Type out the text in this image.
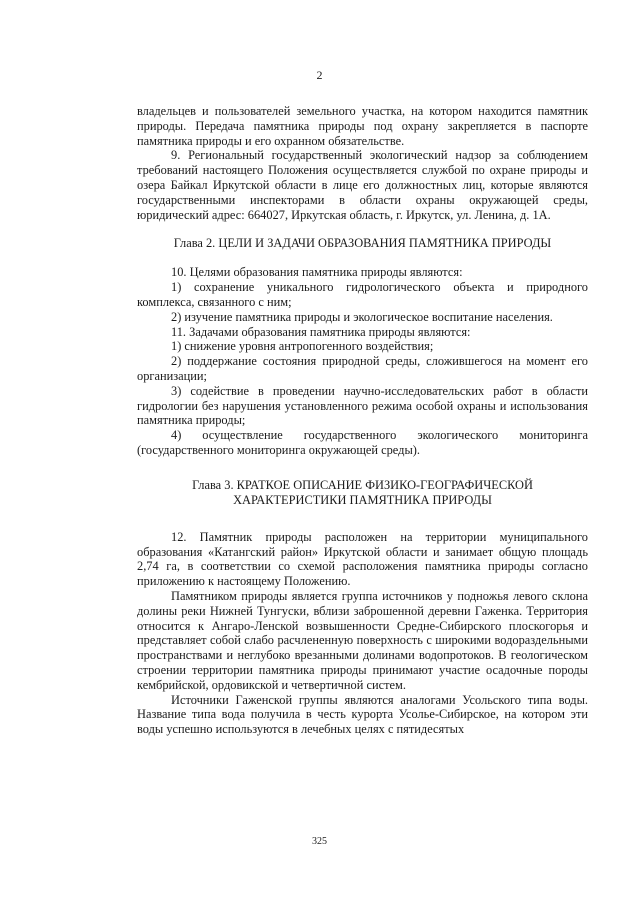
2

владельцев и пользователей земельного участка, на котором находится памятник природы. Передача памятника природы под охрану закрепляется в паспорте памятника природы и его охранном обязательстве.

9. Региональный государственный экологический надзор за соблюдением требований настоящего Положения осуществляется службой по охране природы и озера Байкал Иркутской области в лице его должностных лиц, которые являются государственными инспекторами в области охраны окружающей среды, юридический адрес: 664027, Иркутская область, г. Иркутск, ул. Ленина, д. 1А.

Глава 2. ЦЕЛИ И ЗАДАЧИ ОБРАЗОВАНИЯ ПАМЯТНИКА ПРИРОДЫ

10. Целями образования памятника природы являются:

1) сохранение уникального гидрологического объекта и природного комплекса, связанного с ним;

2) изучение памятника природы и экологическое воспитание населения.

11. Задачами образования памятника природы являются:

1) снижение уровня антропогенного воздействия;

2) поддержание состояния природной среды, сложившегося на момент его организации;

3) содействие в проведении научно-исследовательских работ в области гидрологии без нарушения установленного режима особой охраны и использования памятника природы;

4) осуществление государственного экологического мониторинга (государственного мониторинга окружающей среды).

Глава 3. КРАТКОЕ ОПИСАНИЕ ФИЗИКО-ГЕОГРАФИЧЕСКОЙ
ХАРАКТЕРИСТИКИ ПАМЯТНИКА ПРИРОДЫ

12. Памятник природы расположен на территории муниципального образования «Катангский район» Иркутской области и занимает общую площадь 2,74 га, в соответствии со схемой расположения памятника природы согласно приложению к настоящему Положению.

Памятником природы является группа источников у подножья левого склона долины реки Нижней Тунгуски, вблизи заброшенной деревни Гаженка. Территория относится к Ангаро-Ленской возвышенности Средне-Сибирского плоскогорья и представляет собой слабо расчлененную поверхность с широкими водораздельными пространствами и неглубоко врезанными долинами водопротоков. В геологическом строении территории памятника природы принимают участие осадочные породы кембрийской, ордовикской и четвертичной систем.

Источники Гаженской группы являются аналогами Усольского типа воды. Название типа вода получила в честь курорта Усолье-Сибирское, на котором эти воды успешно используются в лечебных целях с пятидесятых

325
